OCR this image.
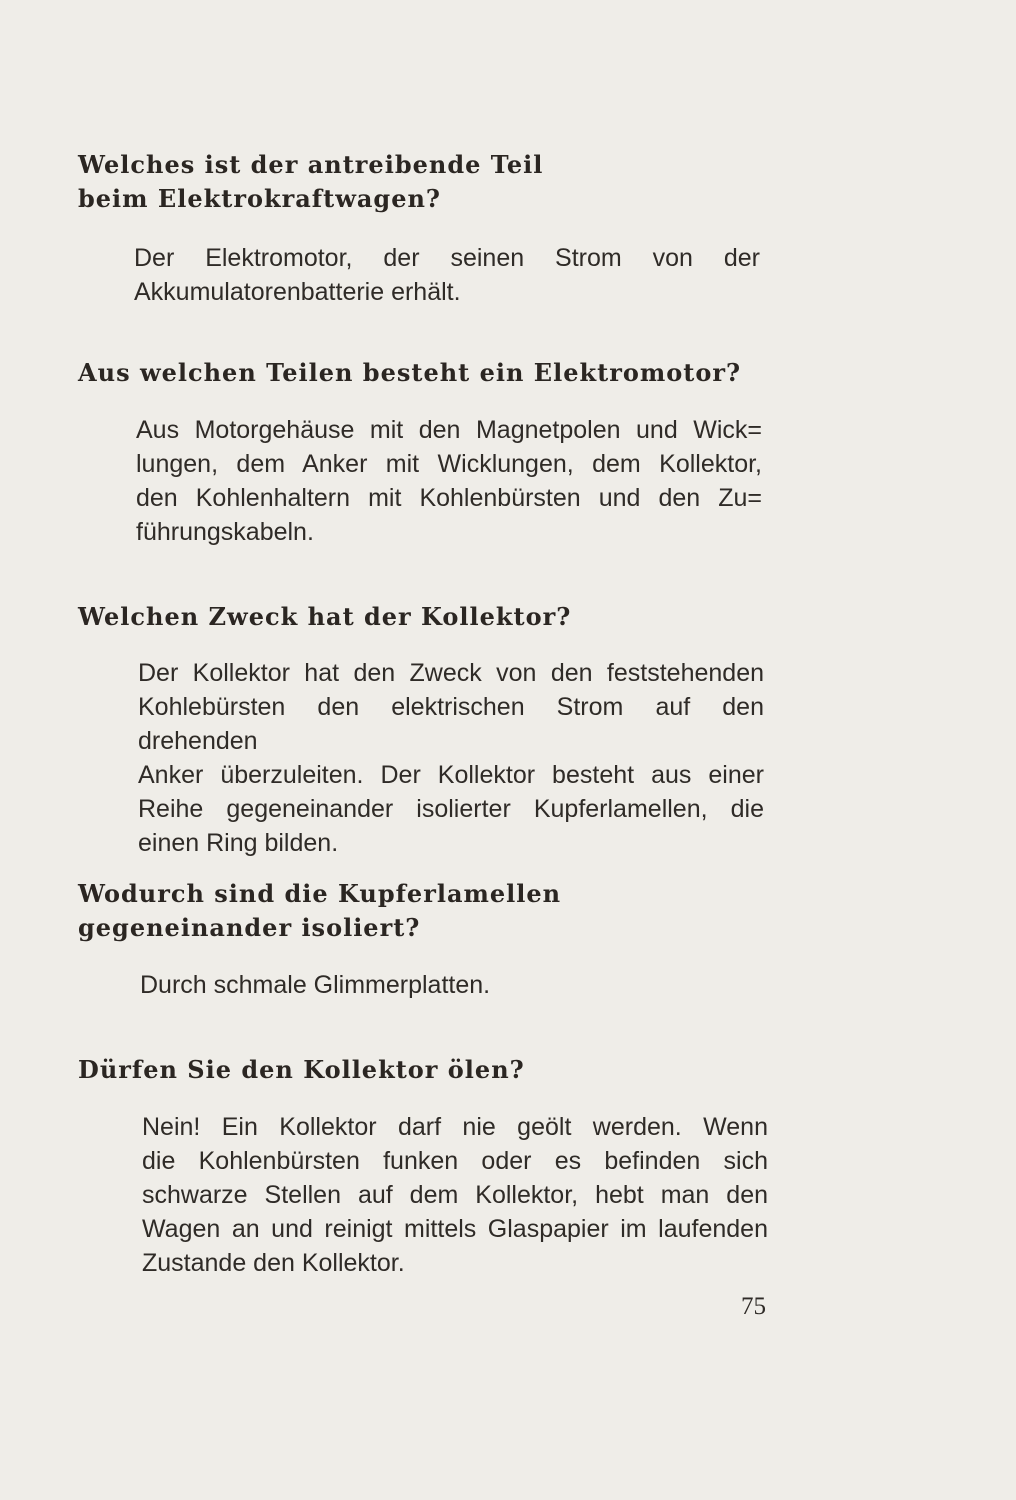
Welches ist der antreibende Teil
beim Elektrokraftwagen?
Der Elektromotor, der seinen Strom von der
Akkumulatorenbatterie erhält.
Aus welchen Teilen besteht ein Elektromotor?
Aus Motorgehäuse mit den Magnetpolen und Wick=
lungen, dem Anker mit Wicklungen, dem Kollektor,
den Kohlenhaltern mit Kohlenbürsten und den Zu=
führungskabeln.
Welchen Zweck hat der Kollektor?
Der Kollektor hat den Zweck von den feststehenden
Kohlebürsten den elektrischen Strom auf den drehenden
Anker überzuleiten. Der Kollektor besteht aus einer
Reihe gegeneinander isolierter Kupferlamellen, die
einen Ring bilden.
Wodurch sind die Kupferlamellen
gegeneinander isoliert?
Durch schmale Glimmerplatten.
Dürfen Sie den Kollektor ölen?
Nein! Ein Kollektor darf nie geölt werden. Wenn
die Kohlenbürsten funken oder es befinden sich
schwarze Stellen auf dem Kollektor, hebt man den
Wagen an und reinigt mittels Glaspapier im laufenden
Zustande den Kollektor.
75
